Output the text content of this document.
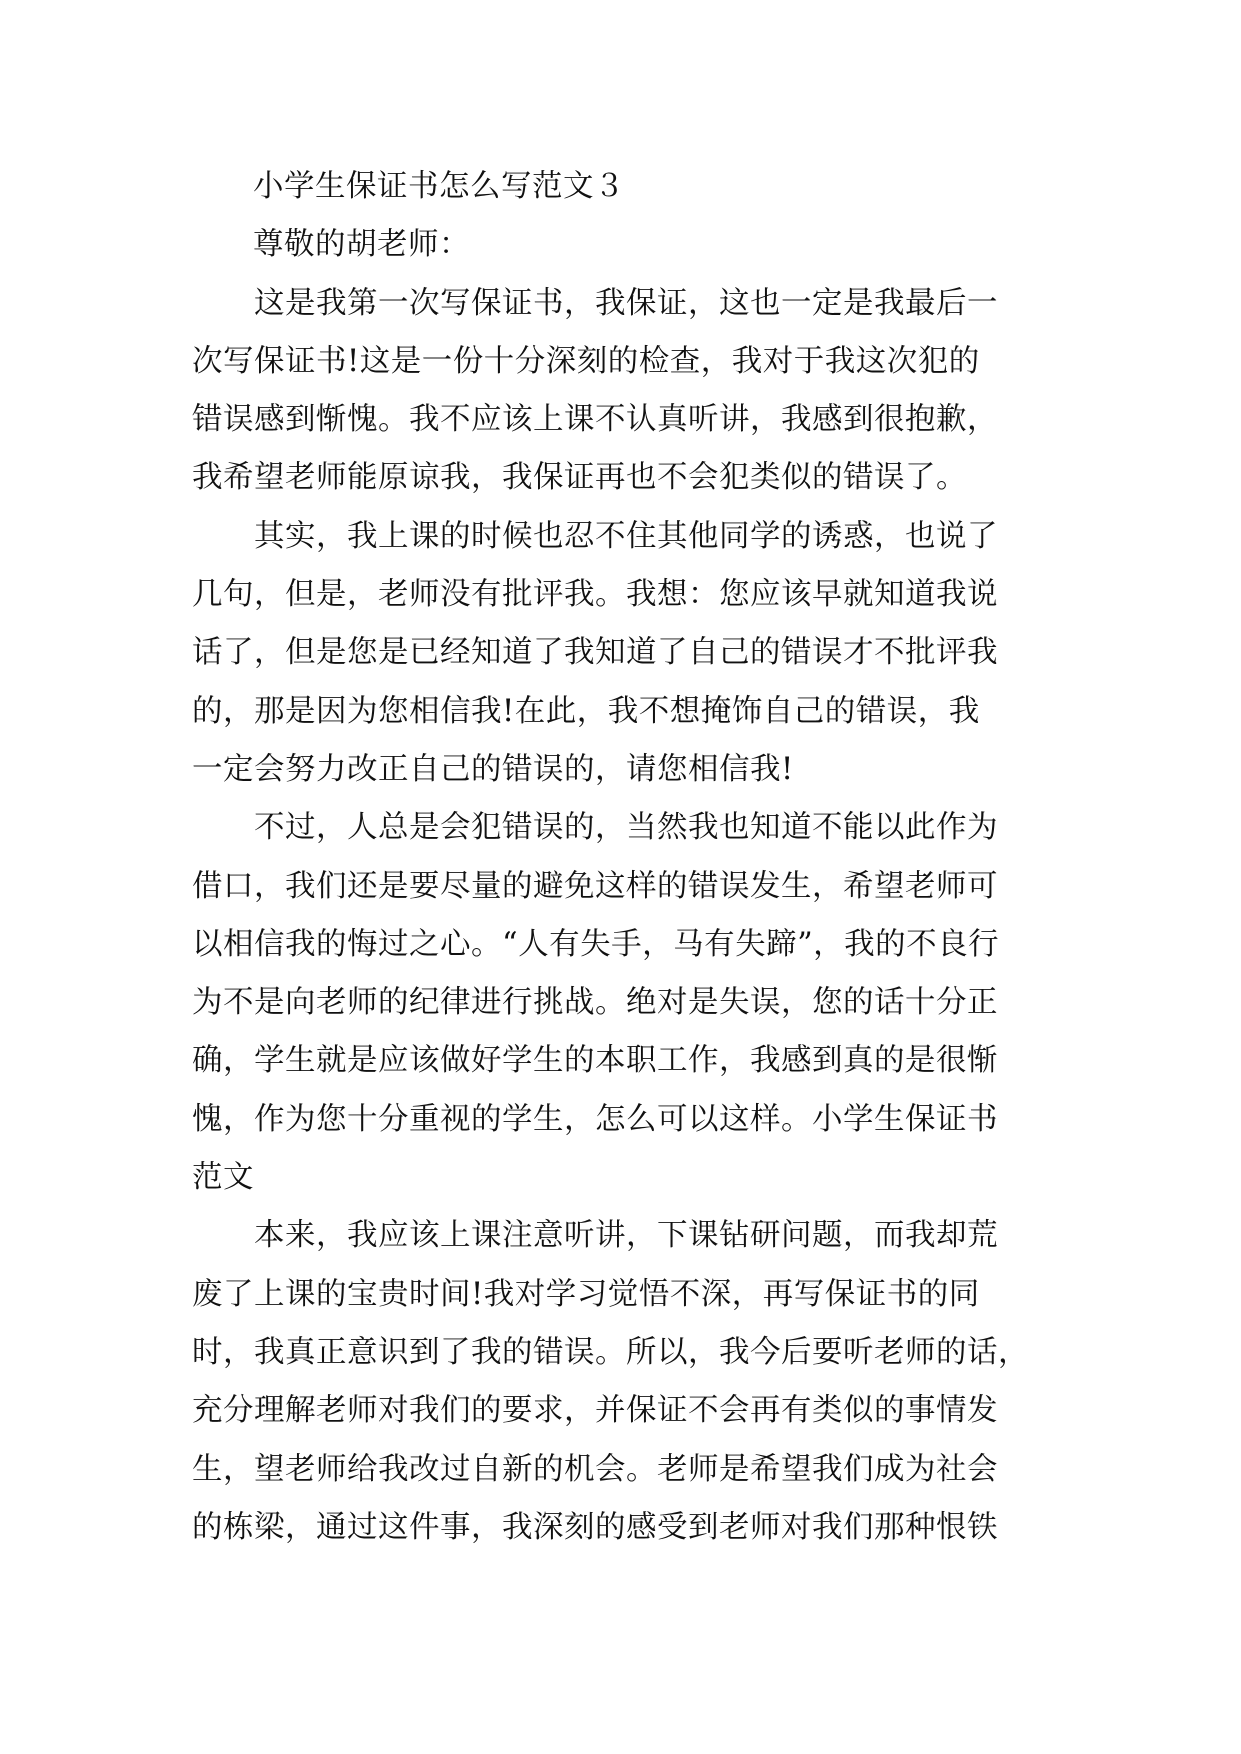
小学生保证书怎么写范文３
尊敬的胡老师：
　　这是我第一次写保证书，我保证，这也一定是我最后一
次写保证书!这是一份十分深刻的检查，我对于我这次犯的
错误感到惭愧。我不应该上课不认真听讲，我感到很抱歉，
我希望老师能原谅我，我保证再也不会犯类似的错误了。
　　其实，我上课的时候也忍不住其他同学的诱惑，也说了
几句，但是，老师没有批评我。我想：您应该早就知道我说
话了，但是您是已经知道了我知道了自己的错误才不批评我
的，那是因为您相信我!在此，我不想掩饰自己的错误，我
一定会努力改正自己的错误的，请您相信我!
　　不过，人总是会犯错误的，当然我也知道不能以此作为
借口，我们还是要尽量的避免这样的错误发生，希望老师可
以相信我的悔过之心。“人有失手，马有失蹄”，我的不良行
为不是向老师的纪律进行挑战。绝对是失误，您的话十分正
确，学生就是应该做好学生的本职工作，我感到真的是很惭
愧，作为您十分重视的学生，怎么可以这样。小学生保证书
范文
　　本来，我应该上课注意听讲，下课钻研问题，而我却荒
废了上课的宝贵时间!我对学习觉悟不深，再写保证书的同
时，我真正意识到了我的错误。所以，我今后要听老师的话，
充分理解老师对我们的要求，并保证不会再有类似的事情发
生，望老师给我改过自新的机会。老师是希望我们成为社会
的栋梁，通过这件事，我深刻的感受到老师对我们那种恨铁
